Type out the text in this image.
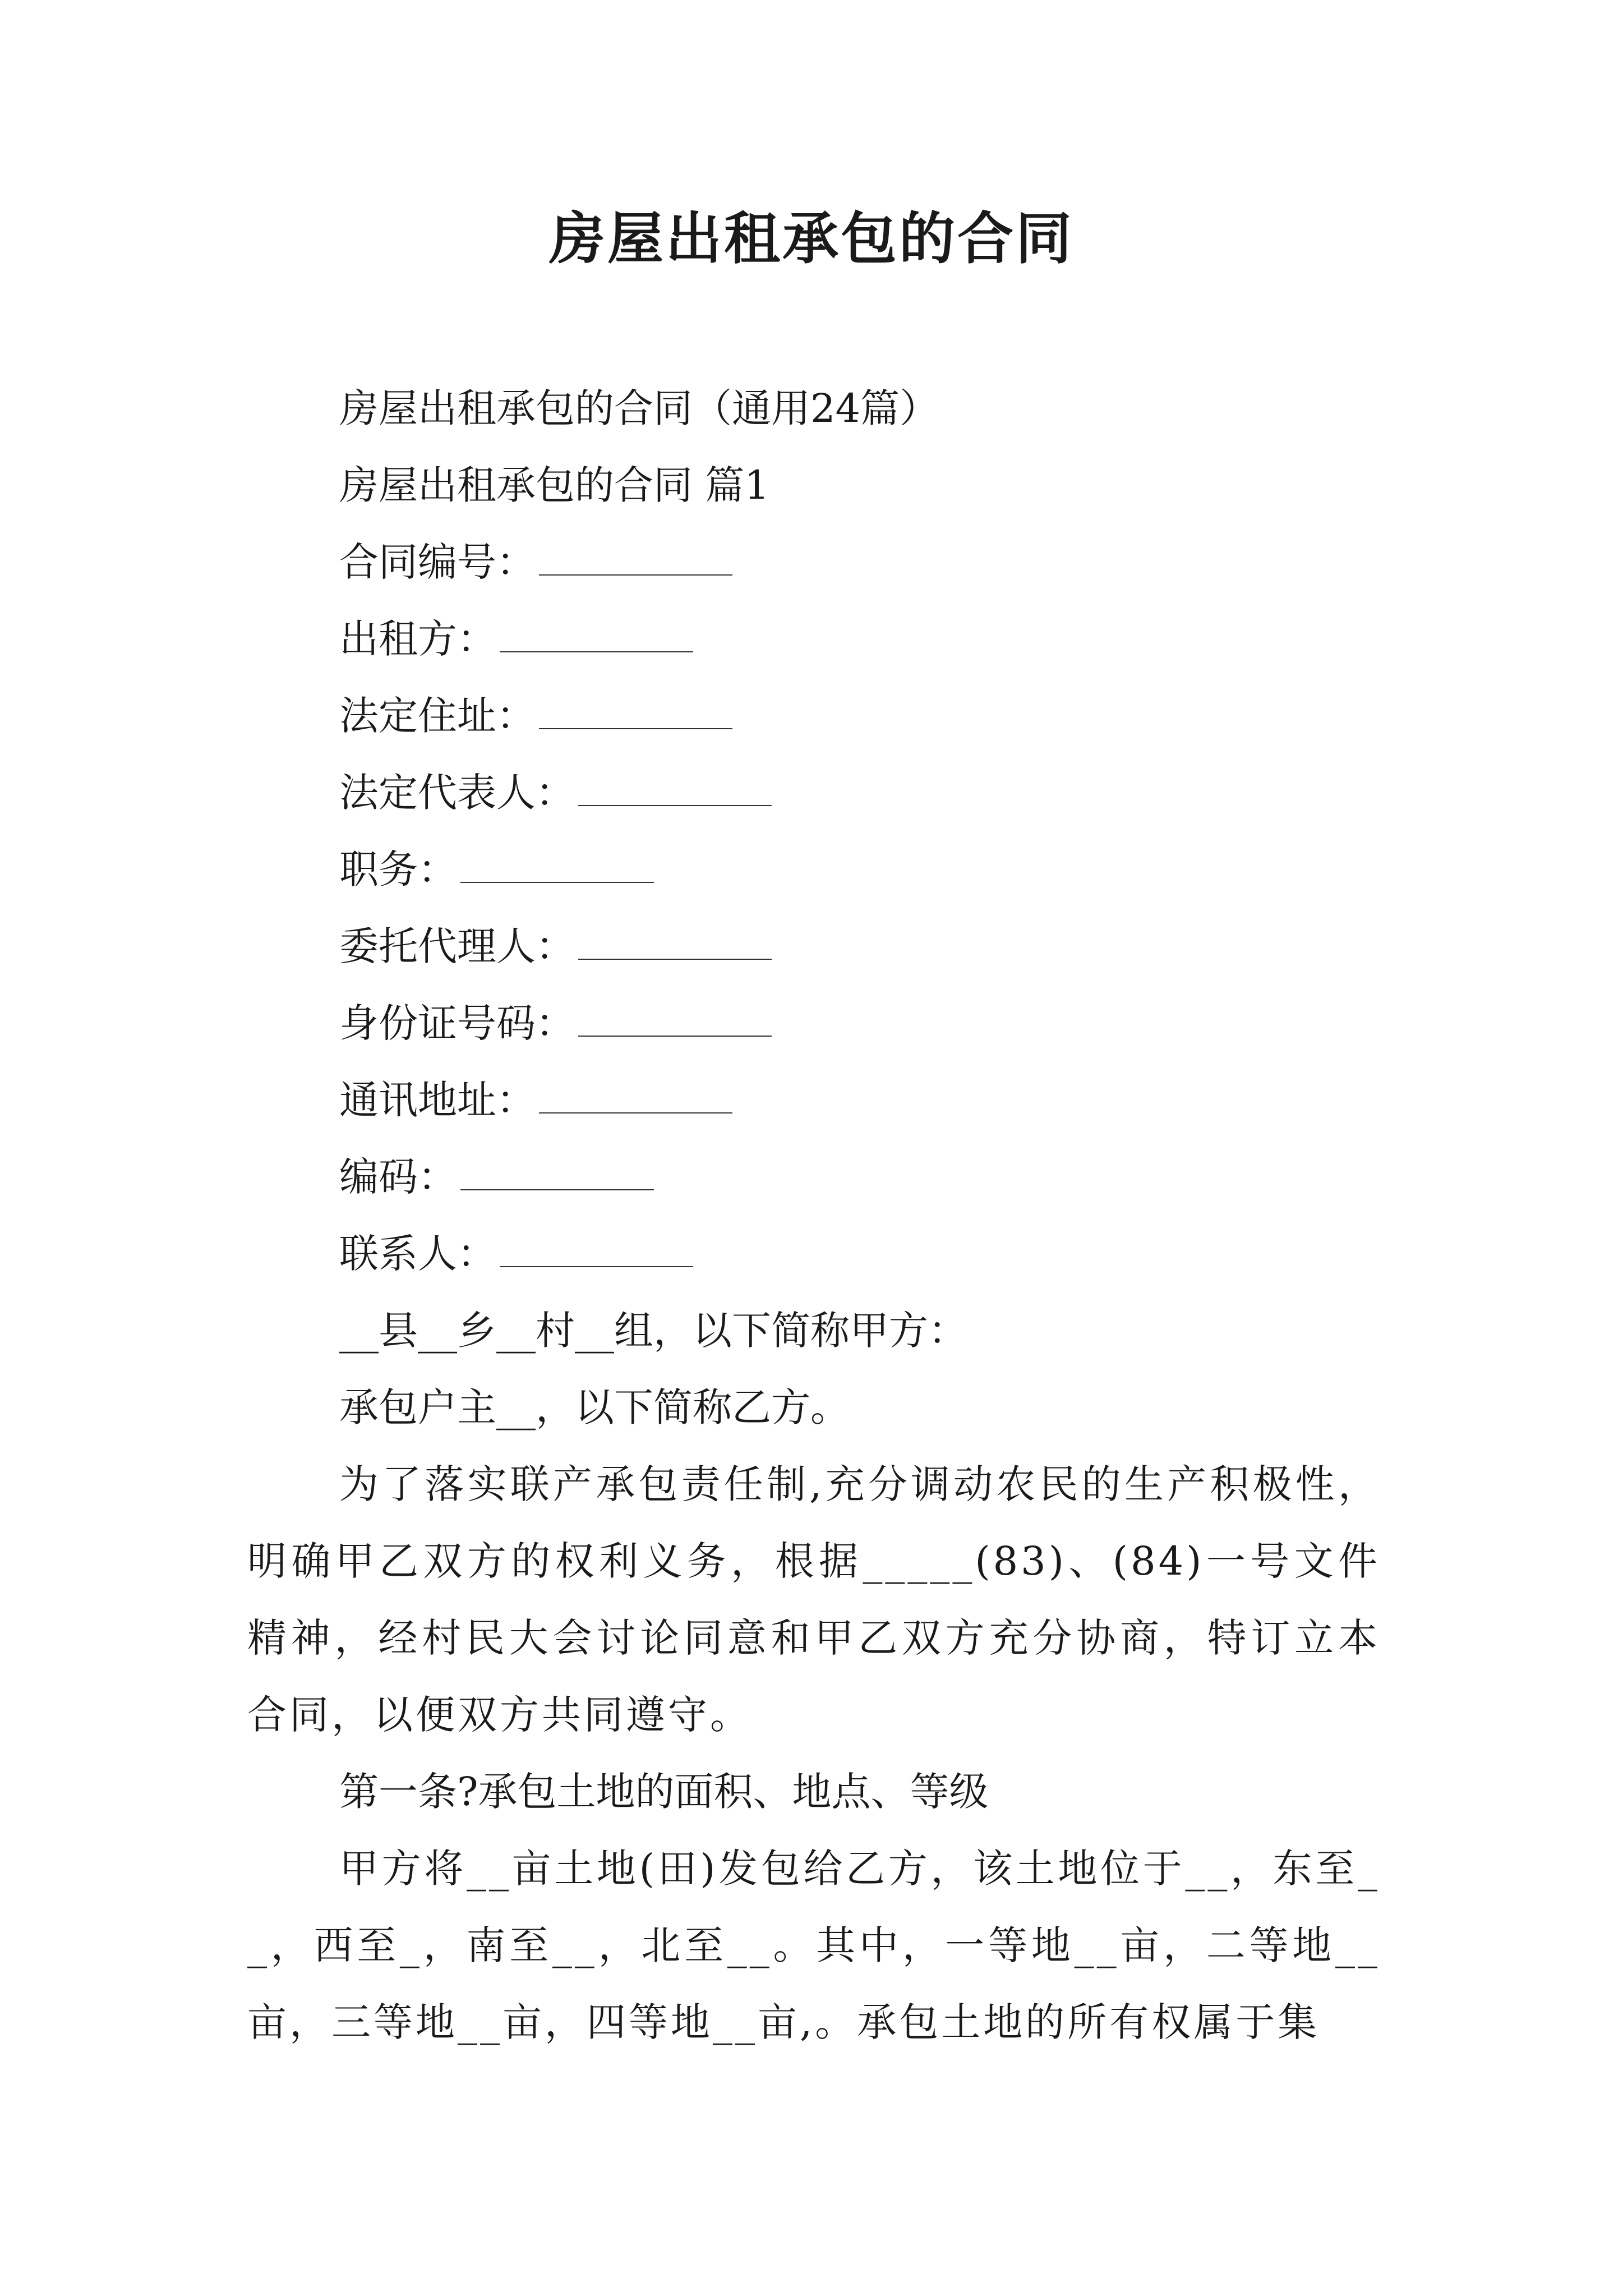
房屋出租承包的合同

房屋出租承包的合同（通用24篇）

房屋出租承包的合同 篇1

合同编号：

出租方：

法定住址：

法定代表人：

职务：

委托代理人：

身份证号码：

通讯地址：

编码：

联系人：

__县__乡__村__组，以下简称甲方：

承包户主__，以下简称乙方。

为了落实联产承包责任制,充分调动农民的生产积极性，明确甲乙双方的权利义务，根据_____(83)、(84)一号文件精神，经村民大会讨论同意和甲乙双方充分协商，特订立本合同，以便双方共同遵守。

第一条?承包土地的面积、地点、等级

甲方将__亩土地(田)发包给乙方，该土地位于__，东至__，西至_，南至__，北至__。其中，一等地__亩，二等地__亩，三等地__亩，四等地__亩,。承包土地的所有权属于集
